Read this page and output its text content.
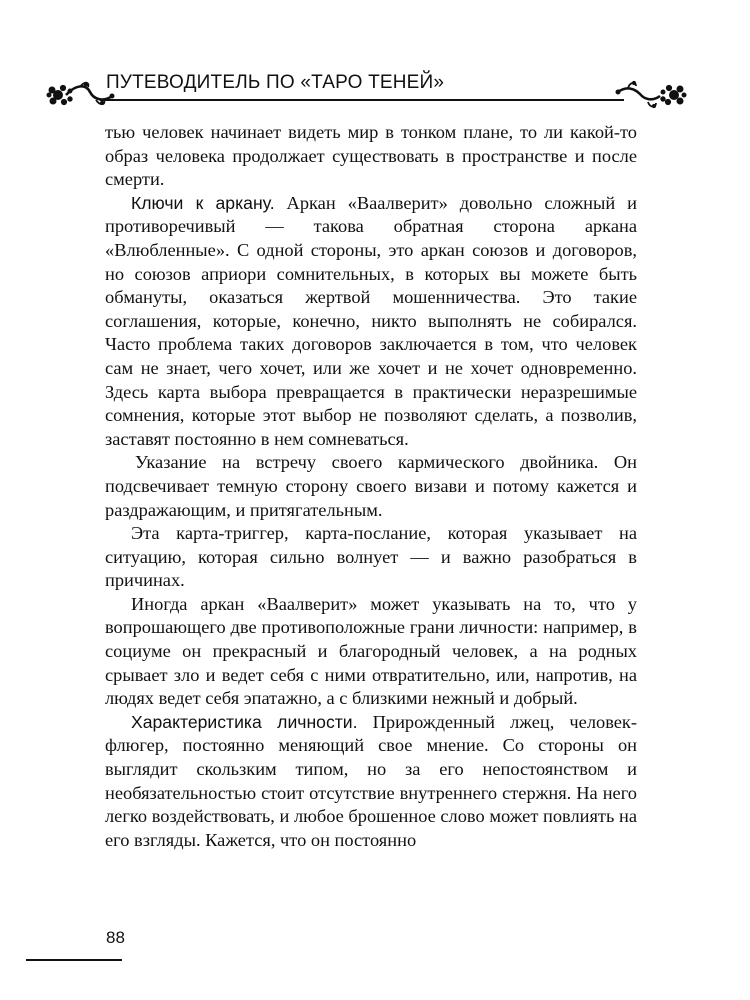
ПУТЕВОДИТЕЛЬ ПО «ТАРО ТЕНЕЙ»

тью человек начинает видеть мир в тонком плане, то ли какой-то образ человека продолжает существовать в пространстве и после смерти.

Ключи к аркану. Аркан «Ваалверит» довольно сложный и противоречивый — такова обратная сторона аркана «Влюбленные». С одной стороны, это аркан союзов и договоров, но союзов априори сомнительных, в которых вы можете быть обмануты, оказаться жертвой мошенничества. Это такие соглашения, которые, конечно, никто выполнять не собирался. Часто проблема таких договоров заключается в том, что человек сам не знает, чего хочет, или же хочет и не хочет одновременно. Здесь карта выбора превращается в практически неразрешимые сомнения, которые этот выбор не позволяют сделать, а позволив, заставят постоянно в нем сомневаться.

Указание на встречу своего кармического двойника. Он подсвечивает темную сторону своего визави и потому кажется и раздражающим, и притягательным.

Эта карта-триггер, карта-послание, которая указывает на ситуацию, которая сильно волнует — и важно разобраться в причинах.

Иногда аркан «Ваалверит» может указывать на то, что у вопрошающего две противоположные грани личности: например, в социуме он прекрасный и благородный человек, а на родных срывает зло и ведет себя с ними отвратительно, или, напротив, на людях ведет себя эпатажно, а с близкими нежный и добрый.

Характеристика личности. Прирожденный лжец, человек-флюгер, постоянно меняющий свое мнение. Со стороны он выглядит скользким типом, но за его непостоянством и необязательностью стоит отсутствие внутреннего стержня. На него легко воздействовать, и любое брошенное слово может повлиять на его взгляды. Кажется, что он постоянно

88
